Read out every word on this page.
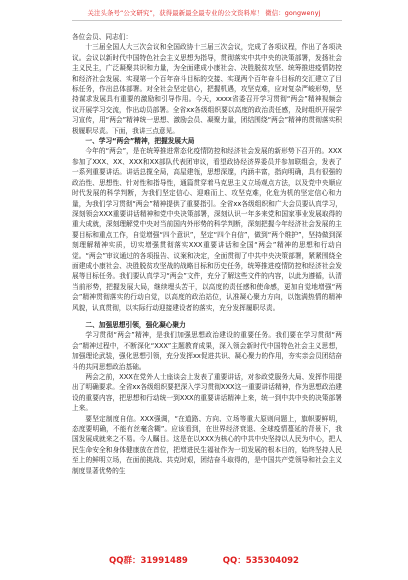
关注头条号“公文研究”，获得最新最全最专业的公文资料库！ 微信：gongwenyj

各位会员、同志们：

十三届全国人大三次会议和全国政协十三届三次会议，完成了各项议程，作出了各项决议。会议以新时代中国特色社会主义思想为指导，贯彻落实中共中央的决策部署，发扬社会主义民主，广泛凝聚共识和力量，为全面建成小康社会、决胜脱贫攻坚、统筹推进疫情防控和经济社会发展、实现第一个百年奋斗目标的交接、实现两个百年奋斗目标的交汇建立了目标任务，作出总体部署。对全社会坚定信心，把握机遇，攻坚克难，应对复杂严峻形势，坚持谋求发展具有重要的激励和引导作用。今天，xxxx省委召开学习贯彻“两会”精神视频会议开展学习交流，作出动员部署。全省xx各级组织要以高度的政治责任感，及时组织开展学习宣传，用“两会”精神统一思想、激励会员、凝聚力量，团结围绕“两会”精神的贯彻落实积极履职尽责。下面，我讲三点意见。

一、学习“两会”精神，把握发展大局

今年的“两会”，是在统筹推进常态化疫情防控和经济社会发展的新形势下召开的。XXX参加了XXX、XX、XXX和XX部队代表团审议，看望政协经济界委员并参加联组会，发表了一系列重要讲话。讲话总揽全局，高屋建瓴，思想深邃，内涵丰富，指向明确，具有很强的政治性、思想性、针对性和指导性，通篇贯穿着马克思主义立场观点方法，以及党中央顺应时代发展的科学判断，为我们坚定信心、迎难而上、攻坚克难，化危为机的坚定信心和力量，为我们学习贯彻“两会”精神提供了重要指引。全省xx各级组织和广大会员要认真学习，深刻领会XXX重要讲话精神和党中央决策部署，深刻认识一年多来党和国家事业发展取得的重大成就，深刻理解党中央对当前国内外形势的科学判断，深刻把握今年经济社会发展的主要目标和重点工作，自觉增强“四个意识”，坚定“四个自信”，做到“两个维护”，坚持做到深刻理解精神实质，切实增强贯彻落实XXX重要讲话和全国“两会”精神的思想和行动自觉。“两会”审议通过的各项报告、议案和决定，全面贯彻了中共中央决策部署，紧紧围绕全面建成小康社会、决胜脱贫攻坚战的战略目标和历史任务，统筹推进疫情防控和经济社会发展等目标任务。我们要认真学习“两会”文件，充分了解这些文件的内容，以此为遵循，认清当前形势，把握发展大局，继续埋头苦干，以高度的责任感和使命感，更加自觉地增强“两会”精神贯彻落实的行动自觉，以高度的政治站位，认准凝心聚力方向，以饱满热情的精神风貌，认真贯彻，以实际行动迎接建设者的落实，充分发挥履职尽责。

二、加强思想引领，强化凝心聚力

学习贯彻“两会”精神，是我们加强思想政治建设的重要任务。我们要在学习贯彻“两会”精神过程中，不断深化“XXX”主题教育成果，深入领会新时代中国特色社会主义思想，加强理论武装，强化思想引领，充分发挥xx促进共识、凝心聚力的作用，夯实亲会员团结奋斗的共同思想政治基础。

两会之前，XXX在党外人士座谈会上发表了重要讲话，对参政党服务大局、发挥作用提出了明确要求。全省xx各级组织要把深入学习贯彻XXX这一重要讲话精神，作为思想政治建设的重要内容，把思想和行动统一到XXX的重要讲话精神上来，统一到中共中央的决策部署上来。

要坚定制度自信。XXX强调，“在道路、方向、立场等重大原则问题上，旗帜要鲜明，态度要明确，不能有丝毫含糊”。应该看到，在世界经济衰退、全球疫情蔓延的背景下，我国发展成就来之不易。今人瞩目。这是在以XXX为核心的中共中央坚持以人民为中心，把人民生命安全和身体健康放在首位，把增进民生福祉作为一切发展的根本目的，始终坚持人民至上的鲜明立场，在面前挑战、共克时艰，团结奋斗取得的，是中国共产党领导和社会主义制度显著优势的生

QQ群：31991489	QQ：535304092
